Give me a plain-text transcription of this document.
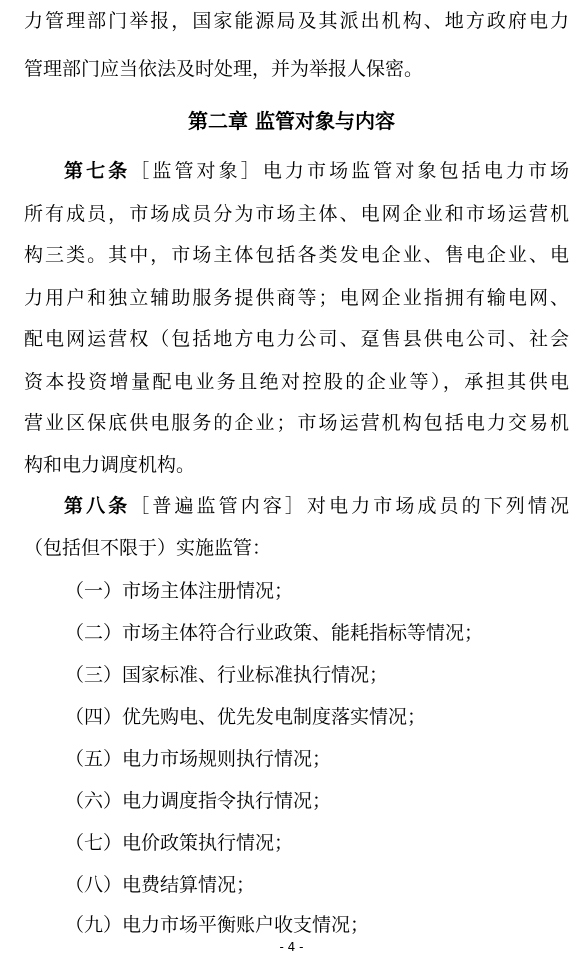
力管理部门举报，国家能源局及其派出机构、地方政府电力
管理部门应当依法及时处理，并为举报人保密。
第二章 监管对象与内容
第七条［监管对象］电力市场监管对象包括电力市场
所有成员，市场成员分为市场主体、电网企业和市场运营机
构三类。其中，市场主体包括各类发电企业、售电企业、电
力用户和独立辅助服务提供商等；电网企业指拥有输电网、
配电网运营权（包括地方电力公司、趸售县供电公司、社会
资本投资增量配电业务且绝对控股的企业等），承担其供电
营业区保底供电服务的企业；市场运营机构包括电力交易机
构和电力调度机构。
第八条［普遍监管内容］对电力市场成员的下列情况
（包括但不限于）实施监管：
（一）市场主体注册情况；
（二）市场主体符合行业政策、能耗指标等情况；
（三）国家标准、行业标准执行情况；
（四）优先购电、优先发电制度落实情况；
（五）电力市场规则执行情况；
（六）电力调度指令执行情况；
（七）电价政策执行情况；
（八）电费结算情况；
（九）电力市场平衡账户收支情况；
- 4 -
